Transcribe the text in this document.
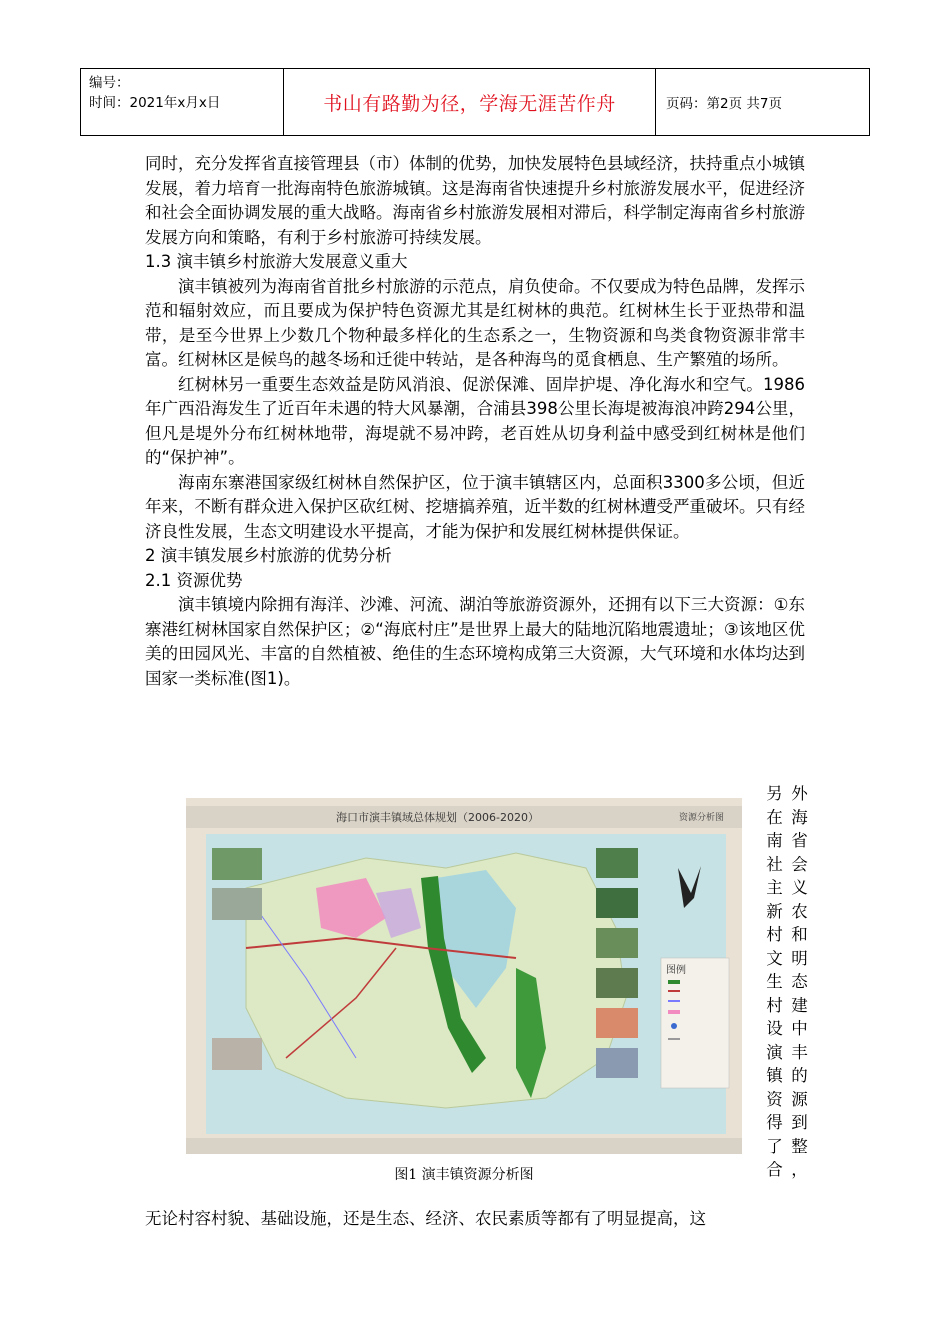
编号：
时间：2021年x月x日	书山有路勤为径，学海无涯苦作舟	页码：第2页 共7页

同时，充分发挥省直接管理县（市）体制的优势，加快发展特色县域经济，扶持重点小城镇发展，着力培育一批海南特色旅游城镇。这是海南省快速提升乡村旅游发展水平，促进经济和社会全面协调发展的重大战略。海南省乡村旅游发展相对滞后，科学制定海南省乡村旅游发展方向和策略，有利于乡村旅游可持续发展。

1.3 演丰镇乡村旅游大发展意义重大

演丰镇被列为海南省首批乡村旅游的示范点，肩负使命。不仅要成为特色品牌，发挥示范和辐射效应，而且要成为保护特色资源尤其是红树林的典范。红树林生长于亚热带和温带，是至今世界上少数几个物种最多样化的生态系之一，生物资源和鸟类食物资源非常丰富。红树林区是候鸟的越冬场和迁徙中转站，是各种海鸟的觅食栖息、生产繁殖的场所。

红树林另一重要生态效益是防风消浪、促淤保滩、固岸护堤、净化海水和空气。1986年广西沿海发生了近百年未遇的特大风暴潮，合浦县398公里长海堤被海浪冲跨294公里，但凡是堤外分布红树林地带，海堤就不易冲跨，老百姓从切身利益中感受到红树林是他们的“保护神”。

海南东寨港国家级红树林自然保护区，位于演丰镇辖区内，总面积3300多公顷，但近年来，不断有群众进入保护区砍红树、挖塘搞养殖，近半数的红树林遭受严重破坏。只有经济良性发展，生态文明建设水平提高，才能为保护和发展红树林提供保证。

2 演丰镇发展乡村旅游的优势分析

2.1 资源优势

演丰镇境内除拥有海洋、沙滩、河流、湖泊等旅游资源外，还拥有以下三大资源：①东寨港红树林国家自然保护区；②“海底村庄”是世界上最大的陆地沉陷地震遗址；③该地区优美的田园风光、丰富的自然植被、绝佳的生态环境构成第三大资源，大气环境和水体均达到国家一类标准(图1)。

海口市演丰镇域总体规划（2006-2020）	资源分析图
图例
图1 演丰镇资源分析图
另 外
在 海
南 省
社 会
主 义
新 农
村 和
文 明
生 态
村 建
设 中
演 丰
镇 的
资 源
得 到
了 整
合 ，
无论村容村貌、基础设施，还是生态、经济、农民素质等都有了明显提高，这
